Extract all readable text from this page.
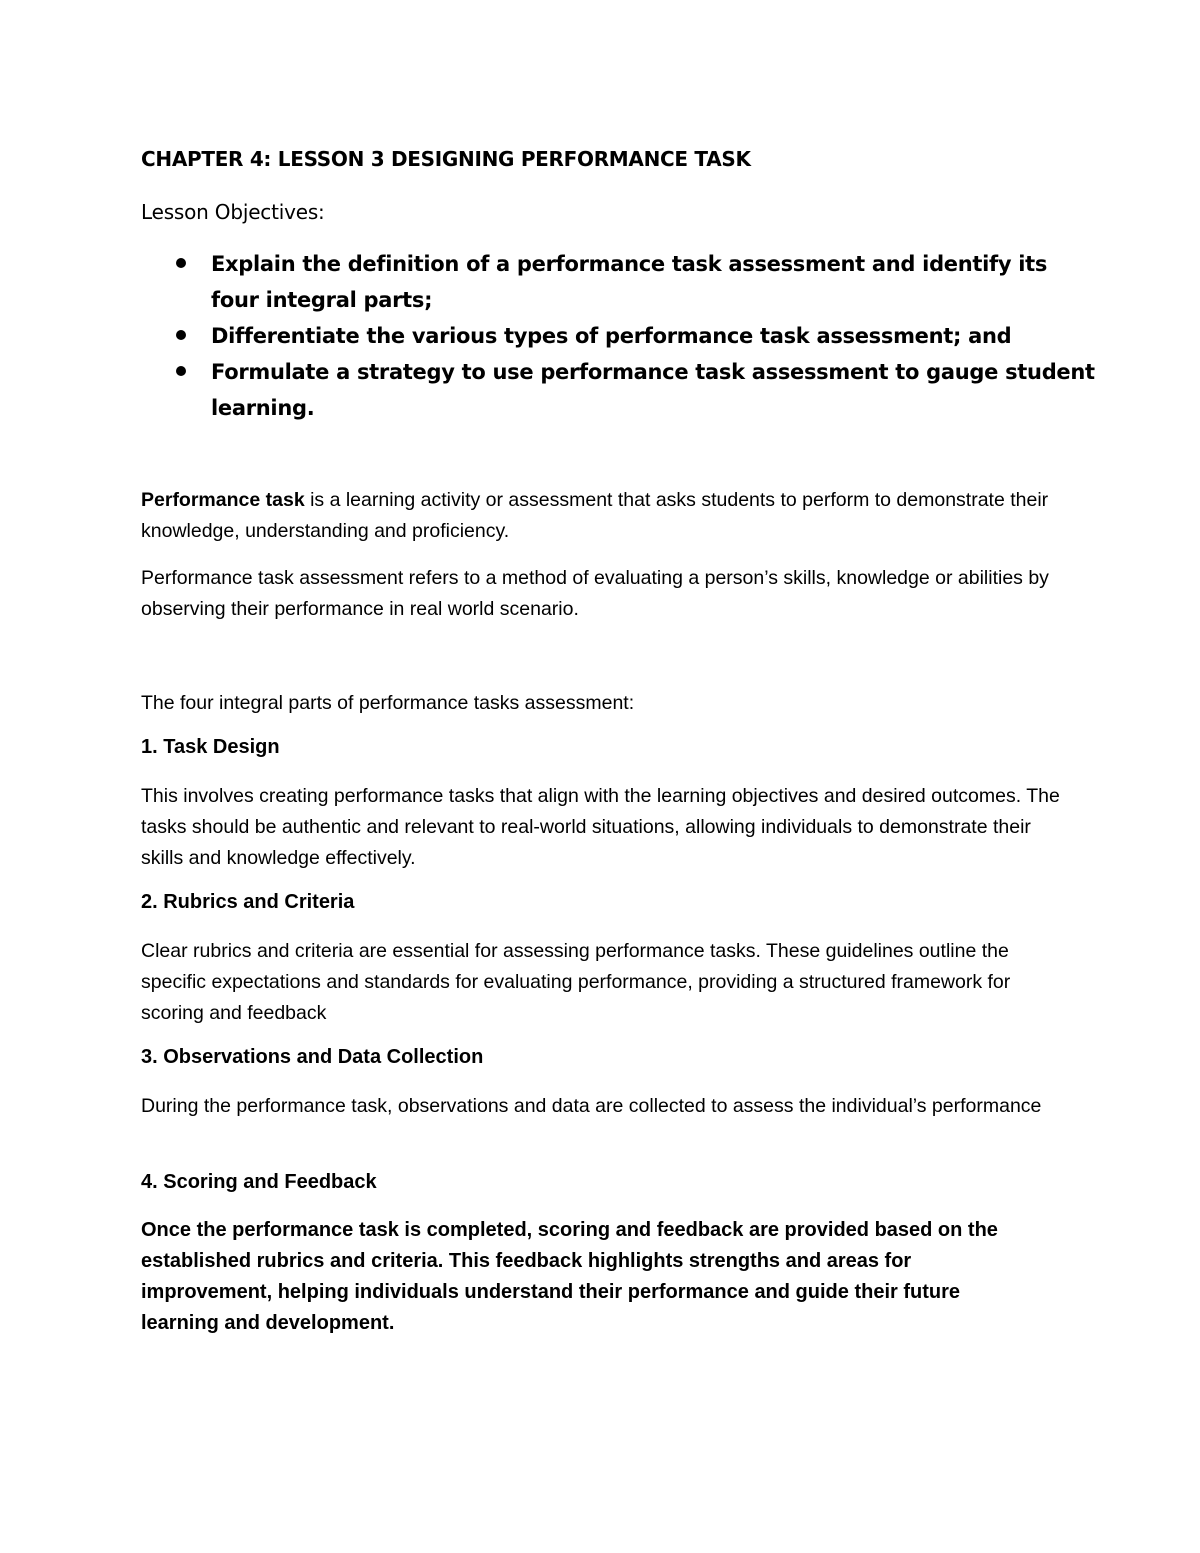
CHAPTER 4: LESSON 3 DESIGNING PERFORMANCE TASK

Lesson Objectives:

Explain the definition of a performance task assessment and identify its four integral parts;
Differentiate the various types of performance task assessment; and
Formulate a strategy to use performance task assessment to gauge student learning.

Performance task is a learning activity or assessment that asks students to perform to demonstrate their knowledge, understanding and proficiency.

Performance task assessment refers to a method of evaluating a person’s skills, knowledge or abilities by observing their performance in real world scenario.

The four integral parts of performance tasks assessment:

1. Task Design

This involves creating performance tasks that align with the learning objectives and desired outcomes. The tasks should be authentic and relevant to real-world situations, allowing individuals to demonstrate their skills and knowledge effectively.

2. Rubrics and Criteria

Clear rubrics and criteria are essential for assessing performance tasks. These guidelines outline the specific expectations and standards for evaluating performance, providing a structured framework for scoring and feedback

3. Observations and Data Collection

During the performance task, observations and data are collected to assess the individual’s performance

4. Scoring and Feedback

Once the performance task is completed, scoring and feedback are provided based on the established rubrics and criteria. This feedback highlights strengths and areas for improvement, helping individuals understand their performance and guide their future learning and development.
